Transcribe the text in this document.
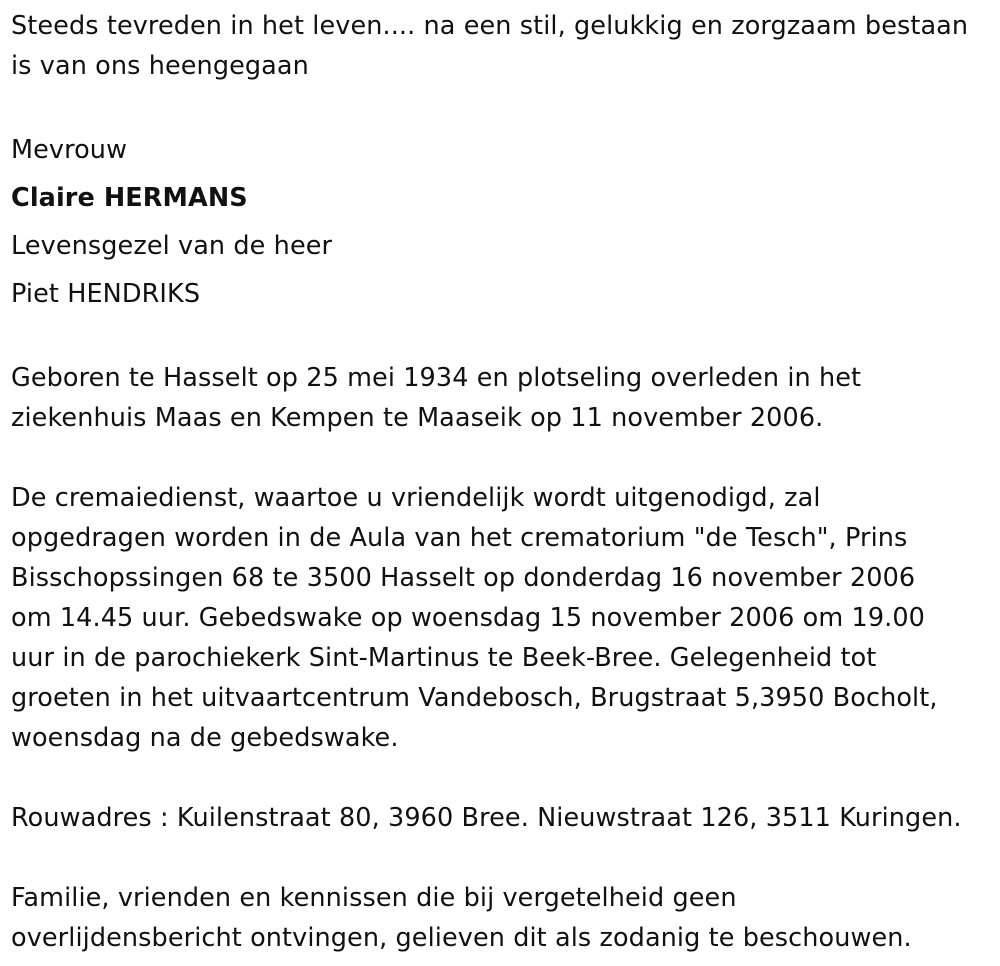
Steeds tevreden in het leven.... na een stil, gelukkig en zorgzaam bestaan
is van ons heengegaan
Mevrouw
Claire HERMANS
Levensgezel van de heer
Piet HENDRIKS
Geboren te Hasselt op 25 mei 1934 en plotseling overleden in het
ziekenhuis Maas en Kempen te Maaseik op 11 november 2006.
De cremaiedienst, waartoe u vriendelijk wordt uitgenodigd, zal
opgedragen worden in de Aula van het crematorium "de Tesch", Prins
Bisschopssingen 68 te 3500 Hasselt op donderdag 16 november 2006
om 14.45 uur. Gebedswake op woensdag 15 november 2006 om 19.00
uur in de parochiekerk Sint-Martinus te Beek-Bree. Gelegenheid tot
groeten in het uitvaartcentrum Vandebosch, Brugstraat 5,3950 Bocholt,
woensdag na de gebedswake.
Rouwadres : Kuilenstraat 80, 3960 Bree. Nieuwstraat 126, 3511 Kuringen.
Familie, vrienden en kennissen die bij vergetelheid geen
overlijdensbericht ontvingen, gelieven dit als zodanig te beschouwen.
